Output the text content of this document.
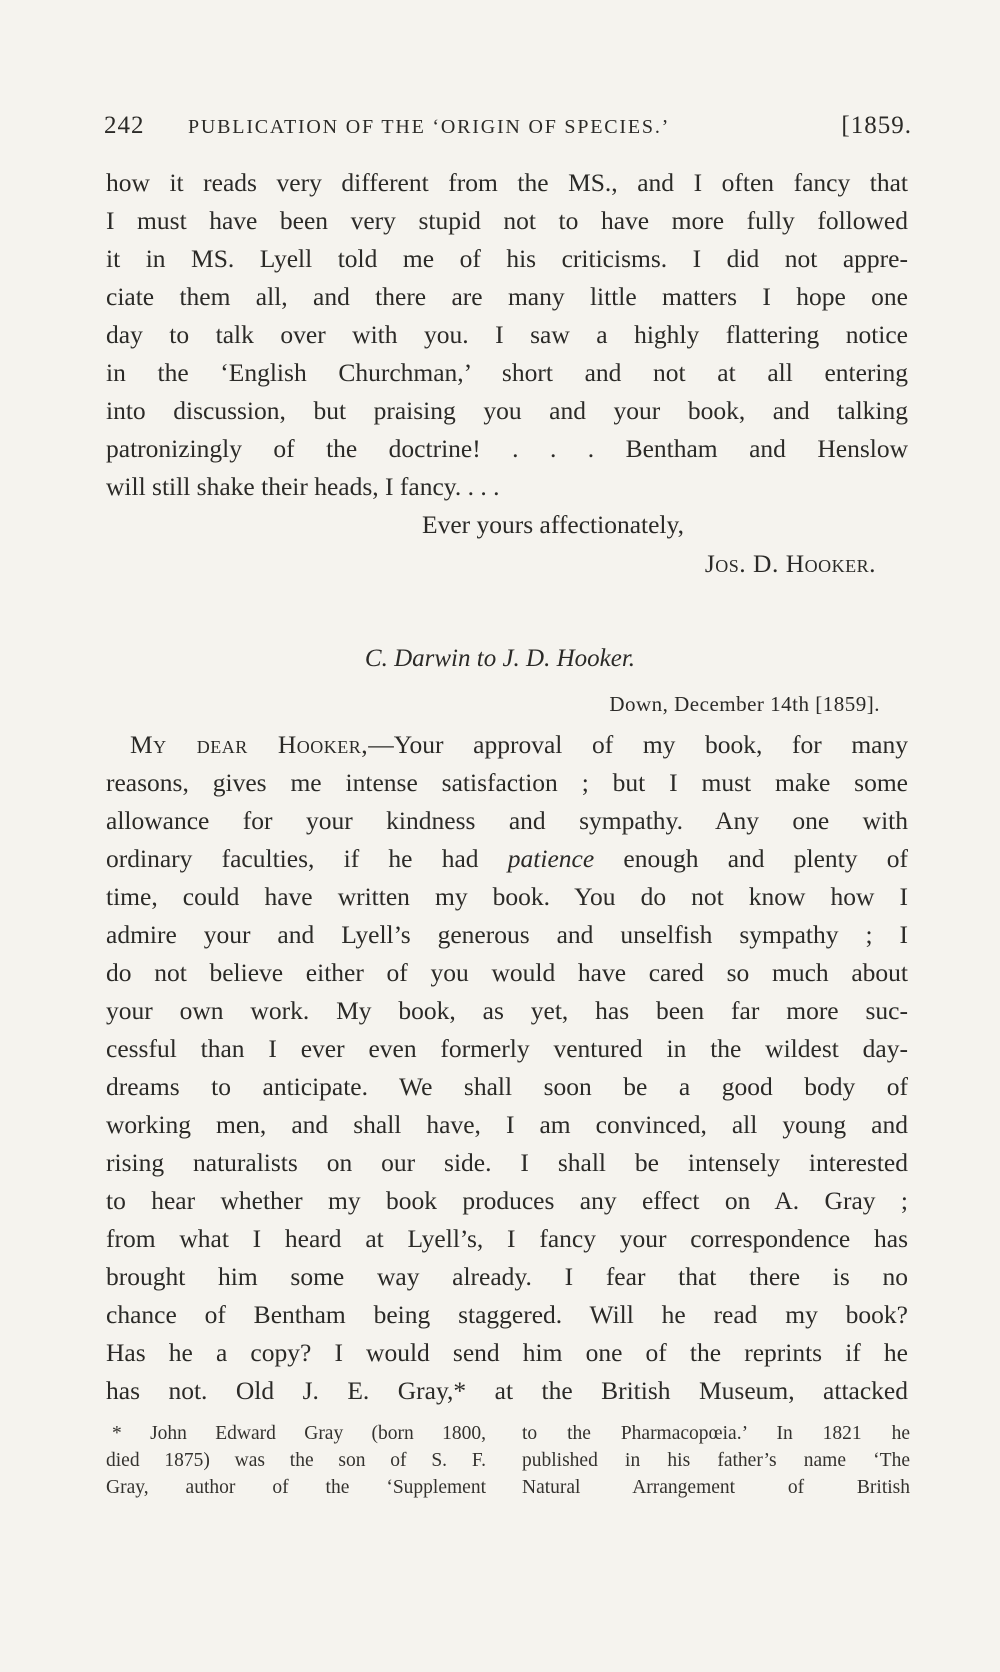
242 PUBLICATION OF THE ‘ORIGIN OF SPECIES.’	[1859.
how it reads very different from the MS., and I often fancy that
I must have been very stupid not to have more fully followed
it in MS. Lyell told me of his criticisms. I did not appre-
ciate them all, and there are many little matters I hope one
day to talk over with you. I saw a highly flattering notice
in the ‘English Churchman,’ short and not at all entering
into discussion, but praising you and your book, and talking
patronizingly of the doctrine! . . . Bentham and Henslow
will still shake their heads, I fancy. . . .
Ever yours affectionately,
Jos. D. Hooker.
C. Darwin to J. D. Hooker.
Down, December 14th [1859].
My dear Hooker,—Your approval of my book, for many
reasons, gives me intense satisfaction ; but I must make some
allowance for your kindness and sympathy. Any one with
ordinary faculties, if he had patience enough and plenty of
time, could have written my book. You do not know how I
admire your and Lyell’s generous and unselfish sympathy ; I
do not believe either of you would have cared so much about
your own work. My book, as yet, has been far more suc-
cessful than I ever even formerly ventured in the wildest day-
dreams to anticipate. We shall soon be a good body of
working men, and shall have, I am convinced, all young and
rising naturalists on our side. I shall be intensely interested
to hear whether my book produces any effect on A. Gray ;
from what I heard at Lyell’s, I fancy your correspondence has
brought him some way already. I fear that there is no
chance of Bentham being staggered. Will he read my book?
Has he a copy? I would send him one of the reprints if he
has not. Old J. E. Gray,* at the British Museum, attacked
* John Edward Gray (born 1800,
died 1875) was the son of S. F.
Gray, author of the ‘Supplement
to the Pharmacopœia.’ In 1821 he
published in his father’s name ‘The
Natural Arrangement of British
